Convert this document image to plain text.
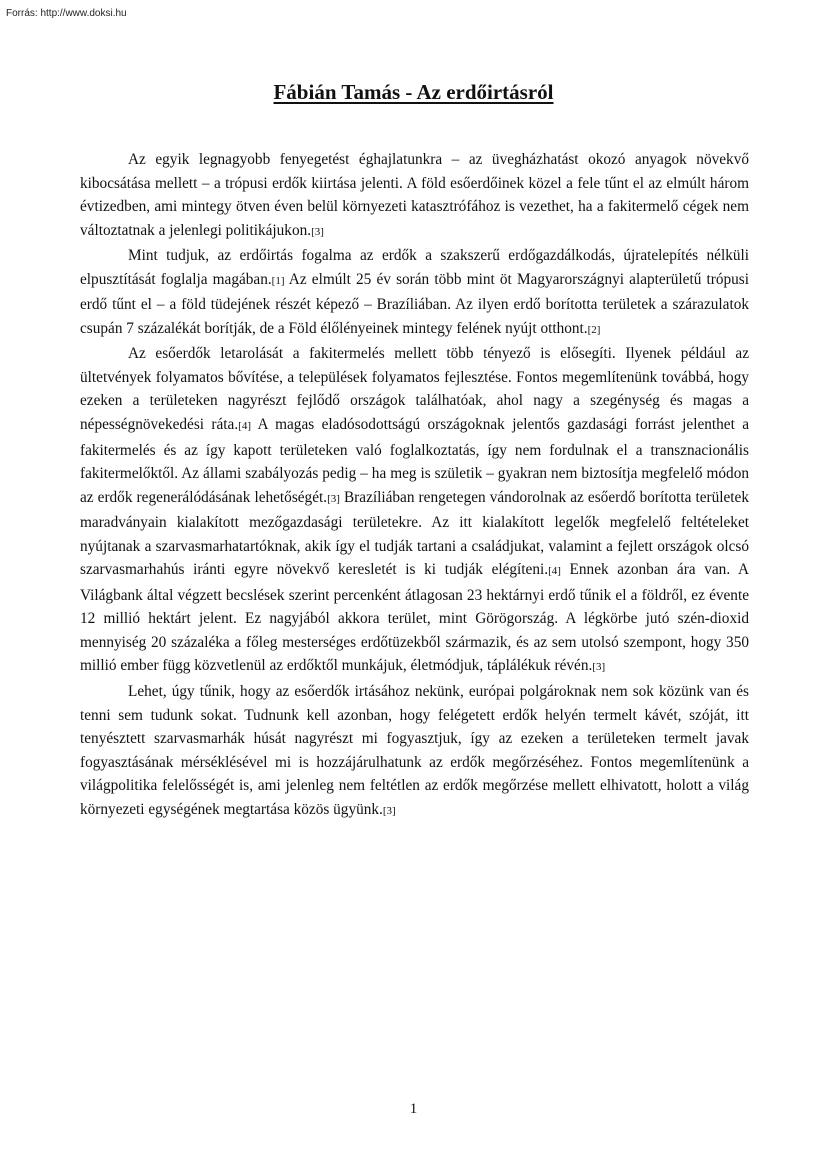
Forrás: http://www.doksi.hu
Fábián Tamás - Az erdőirtásról

Az egyik legnagyobb fenyegetést éghajlatunkra – az üvegházhatást okozó anyagok növekvő kibocsátása mellett – a trópusi erdők kiirtása jelenti. A föld esőerdőinek közel a fele tűnt el az elmúlt három évtizedben, ami mintegy ötven éven belül környezeti katasztrófához is vezethet, ha a fakitermelő cégek nem változtatnak a jelenlegi politikájukon.[3]

Mint tudjuk, az erdőirtás fogalma az erdők a szakszerű erdőgazdálkodás, újratelepítés nélküli elpusztítását foglalja magában.[1] Az elmúlt 25 év során több mint öt Magyarországnyi alapterületű trópusi erdő tűnt el – a föld tüdejének részét képező – Brazíliában. Az ilyen erdő borította területek a szárazulatok csupán 7 százalékát borítják, de a Föld élőlényeinek mintegy felének nyújt otthont.[2]

Az esőerdők letarolását a fakitermelés mellett több tényező is elősegíti. Ilyenek például az ültetvények folyamatos bővítése, a települések folyamatos fejlesztése. Fontos megemlítenünk továbbá, hogy ezeken a területeken nagyrészt fejlődő országok találhatóak, ahol nagy a szegénység és magas a népességnövekedési ráta.[4] A magas eladósodottságú országoknak jelentős gazdasági forrást jelenthet a fakitermelés és az így kapott területeken való foglalkoztatás, így nem fordulnak el a transznacionális fakitermelőktől. Az állami szabályozás pedig – ha meg is születik – gyakran nem biztosítja megfelelő módon az erdők regenerálódásának lehetőségét.[3] Brazíliában rengetegen vándorolnak az esőerdő borította területek maradványain kialakított mezőgazdasági területekre. Az itt kialakított legelők megfelelő feltételeket nyújtanak a szarvasmarhatartóknak, akik így el tudják tartani a családjukat, valamint a fejlett országok olcsó szarvasmarhahús iránti egyre növekvő keresletét is ki tudják elégíteni.[4] Ennek azonban ára van. A Világbank által végzett becslések szerint percenként átlagosan 23 hektárnyi erdő tűnik el a földről, ez évente 12 millió hektárt jelent. Ez nagyjából akkora terület, mint Görögország. A légkörbe jutó szén-dioxid mennyiség 20 százaléka a főleg mesterséges erdőtüzekből származik, és az sem utolsó szempont, hogy 350 millió ember függ közvetlenül az erdőktől munkájuk, életmódjuk, táplálékuk révén.[3]

Lehet, úgy tűnik, hogy az esőerdők irtásához nekünk, európai polgároknak nem sok közünk van és tenni sem tudunk sokat. Tudnunk kell azonban, hogy felégetett erdők helyén termelt kávét, szóját, itt tenyésztett szarvasmarhák húsát nagyrészt mi fogyasztjuk, így az ezeken a területeken termelt javak fogyasztásának mérséklésével mi is hozzájárulhatunk az erdők megőrzéséhez. Fontos megemlítenünk a világpolitika felelősségét is, ami jelenleg nem feltétlen az erdők megőrzése mellett elhivatott, holott a világ környezeti egységének megtartása közös ügyünk.[3]

1
